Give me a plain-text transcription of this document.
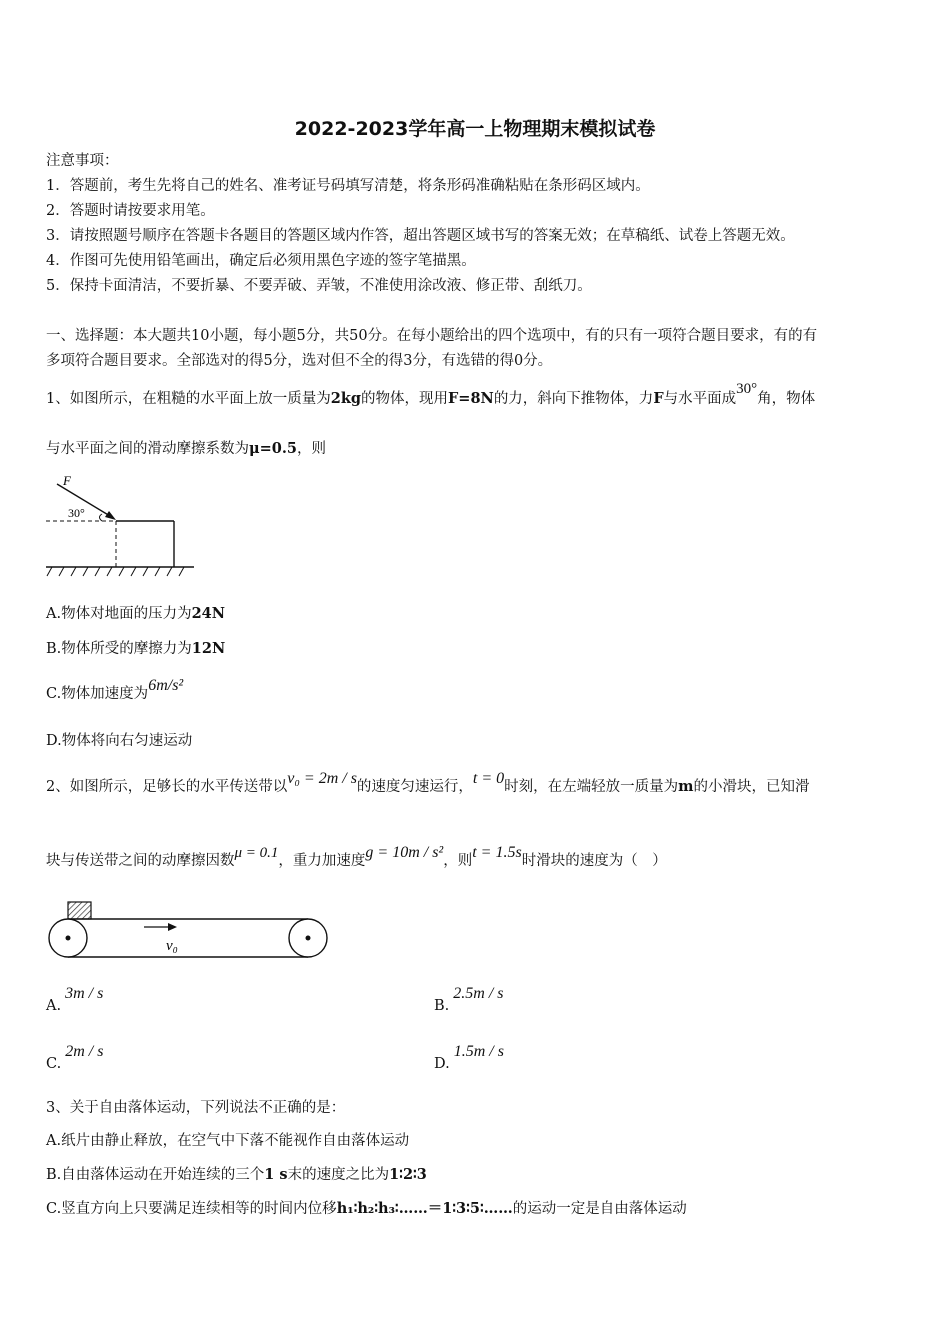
2022-2023学年高一上物理期末模拟试卷
注意事项：
1．答题前，考生先将自己的姓名、准考证号码填写清楚，将条形码准确粘贴在条形码区域内。
2．答题时请按要求用笔。
3．请按照题号顺序在答题卡各题目的答题区域内作答，超出答题区域书写的答案无效；在草稿纸、试卷上答题无效。
4．作图可先使用铅笔画出，确定后必须用黑色字迹的签字笔描黑。
5．保持卡面清洁，不要折暴、不要弄破、弄皱，不准使用涂改液、修正带、刮纸刀。
一、选择题：本大题共10小题，每小题5分，共50分。在每小题给出的四个选项中，有的只有一项符合题目要求，有的有
多项符合题目要求。全部选对的得5分，选对但不全的得3分，有选错的得0分。
1、如图所示，在粗糙的水平面上放一质量为2kg的物体，现用F=8N的力，斜向下推物体，力F与水平面成30°角，物体
与水平面之间的滑动摩擦系数为μ=0.5，则
F
30°
A.物体对地面的压力为24N
B.物体所受的摩擦力为12N
C.物体加速度为6m/s²
D.物体将向右匀速运动
2、如图所示，足够长的水平传送带以v₀ = 2m / s的速度匀速运行，t = 0时刻，在左端轻放一质量为m的小滑块，已知滑
块与传送带之间的动摩擦因数μ = 0.1，重力加速度g = 10m / s²，则t = 1.5s时滑块的速度为（　）
v₀
A.3m / s
B.2.5m / s
C.2m / s
D.1.5m / s
3、关于自由落体运动，下列说法不正确的是：
A.纸片由静止释放，在空气中下落不能视作自由落体运动
B.自由落体运动在开始连续的三个1 s末的速度之比为1∶2∶3
C.竖直方向上只要满足连续相等的时间内位移h₁∶h₂∶h₃∶……＝1∶3∶5∶……的运动一定是自由落体运动
